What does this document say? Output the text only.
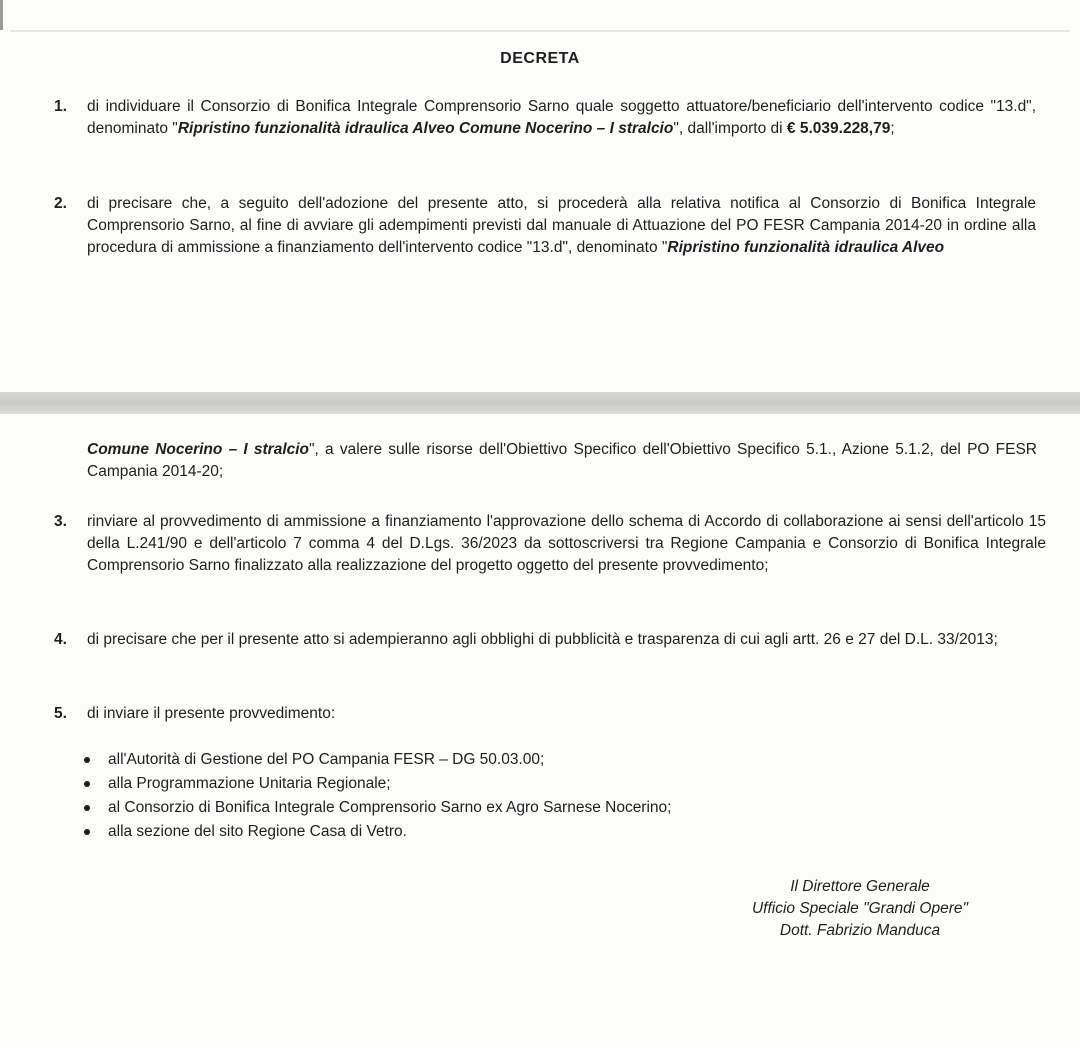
DECRETA
1. di individuare il Consorzio di Bonifica Integrale Comprensorio Sarno quale soggetto attuatore/beneficiario dell'intervento codice "13.d", denominato "Ripristino funzionalità idraulica Alveo Comune Nocerino – I stralcio", dall'importo di € 5.039.228,79;
2. di precisare che, a seguito dell'adozione del presente atto, si procederà alla relativa notifica al Consorzio di Bonifica Integrale Comprensorio Sarno, al fine di avviare gli adempimenti previsti dal manuale di Attuazione del PO FESR Campania 2014-20 in ordine alla procedura di ammissione a finanziamento dell'intervento codice "13.d", denominato "Ripristino funzionalità idraulica Alveo
Comune Nocerino – I stralcio", a valere sulle risorse dell'Obiettivo Specifico dell'Obiettivo Specifico 5.1., Azione 5.1.2, del PO FESR Campania 2014-20;
3. rinviare al provvedimento di ammissione a finanziamento l'approvazione dello schema di Accordo di collaborazione ai sensi dell'articolo 15 della L.241/90 e dell'articolo 7 comma 4 del D.Lgs. 36/2023 da sottoscriversi tra Regione Campania e Consorzio di Bonifica Integrale Comprensorio Sarno finalizzato alla realizzazione del progetto oggetto del presente provvedimento;
4. di precisare che per il presente atto si adempieranno agli obblighi di pubblicità e trasparenza di cui agli artt. 26 e 27 del D.L. 33/2013;
5. di inviare il presente provvedimento:
all'Autorità di Gestione del PO Campania FESR – DG 50.03.00;
alla Programmazione Unitaria Regionale;
al Consorzio di Bonifica Integrale Comprensorio Sarno ex Agro Sarnese Nocerino;
alla sezione del sito Regione Casa di Vetro.
Il Direttore Generale
Ufficio Speciale "Grandi Opere"
Dott. Fabrizio Manduca
